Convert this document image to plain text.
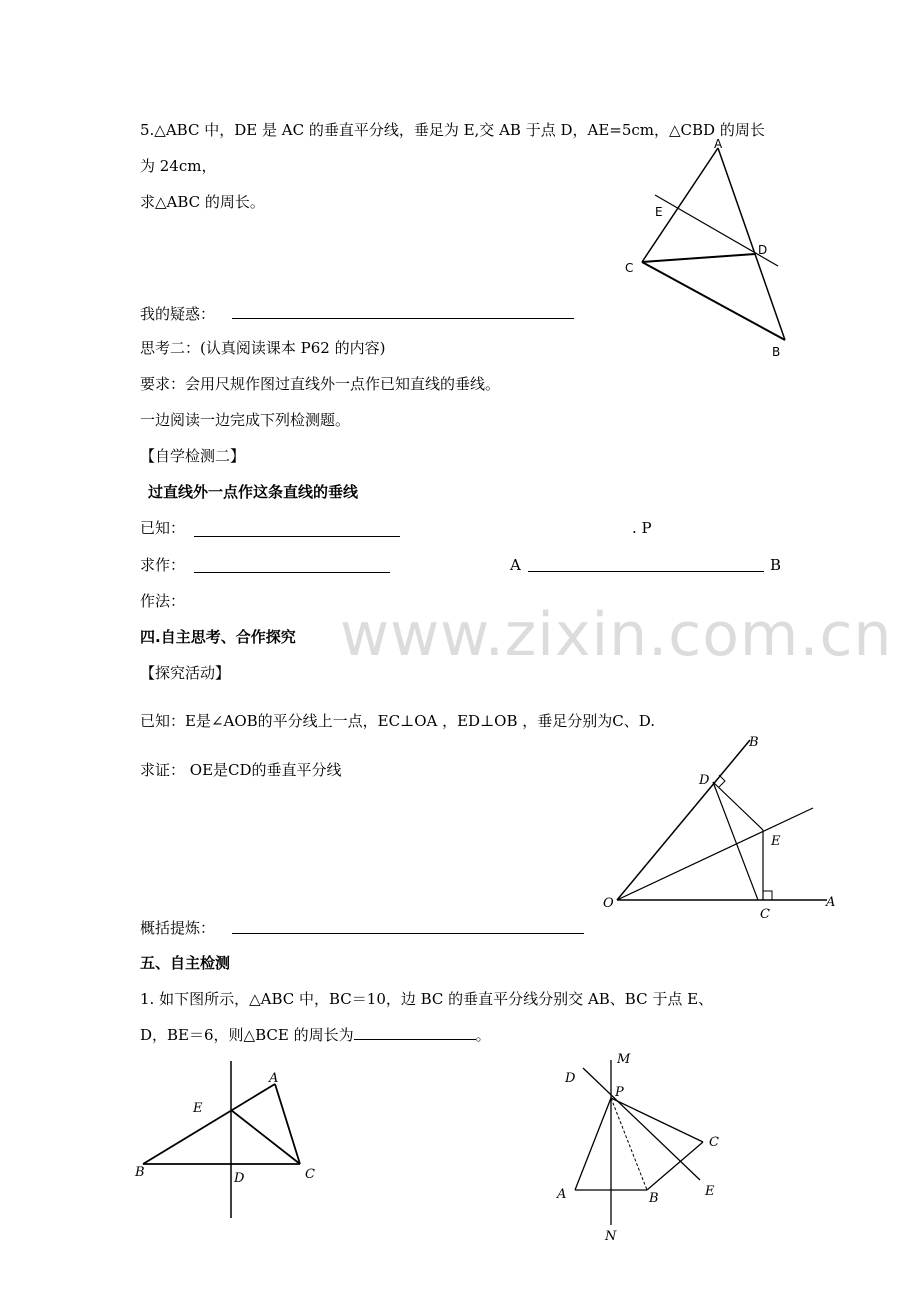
www.zixin.com.cn
5.△ABC 中，DE 是 AC 的垂直平分线，垂足为 E,交 AB 于点 D，AE=5cm，△CBD 的周长
为 24cm，
求△ABC 的周长。
A
E
D
C
B
我的疑惑：
思考二：(认真阅读课本 P62 的内容)
要求：会用尺规作图过直线外一点作已知直线的垂线。
一边阅读一边完成下列检测题。
【自学检测二】
过直线外一点作这条直线的垂线
已知：	. P
求作：	A	B
作法：
四.自主思考、合作探究
【探究活动】
已知：E是∠AOB的平分线上一点，EC⊥OA ，ED⊥OB ，垂足分别为C、D.
求证： OE是CD的垂直平分线
B
D
E
O
C
A
概括提炼：
五、自主检测
1. 如下图所示，△ABC 中，BC＝10，边 BC 的垂直平分线分别交 AB、BC 于点 E、
D，BE＝6，则△BCE 的周长为	。
E
A
B	D	C
M
D
P
C
A	B	E
N
